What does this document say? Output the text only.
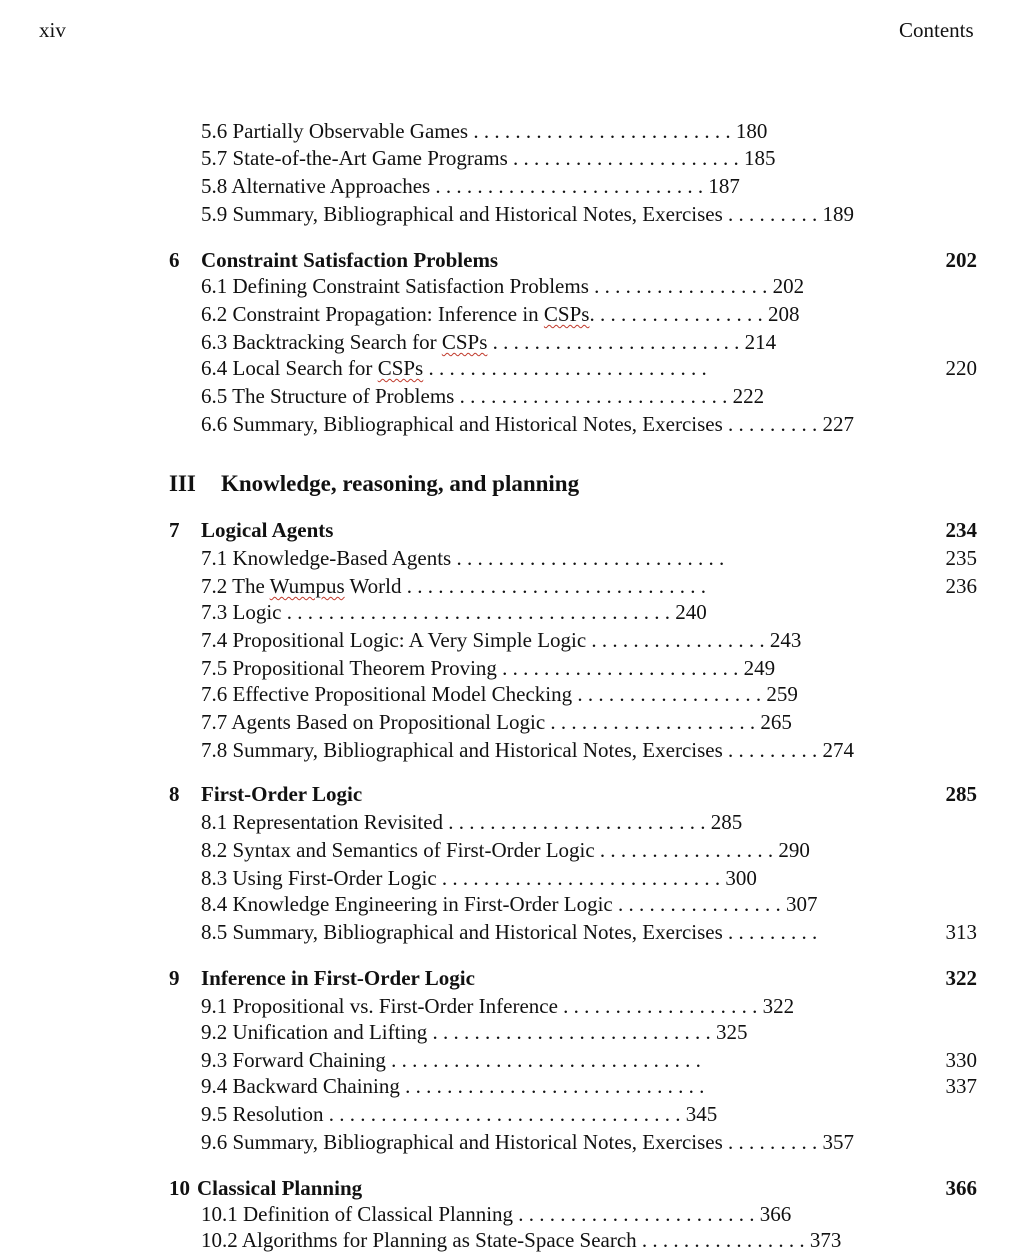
xiv	Contents
5.6 Partially Observable Games . . . . . . . . . . . . . . . . . . . . . . . . . 180
5.7 State-of-the-Art Game Programs . . . . . . . . . . . . . . . . . . . . . . 185
5.8 Alternative Approaches . . . . . . . . . . . . . . . . . . . . . . . . . . 187
5.9 Summary, Bibliographical and Historical Notes, Exercises . . . . . . . . . 189
6 Constraint Satisfaction Problems	202
6.1 Defining Constraint Satisfaction Problems . . . . . . . . . . . . . . . . . 202
6.2 Constraint Propagation: Inference in CSPs. . . . . . . . . . . . . . . . . 208
6.3 Backtracking Search for CSPs . . . . . . . . . . . . . . . . . . . . . . . . 214
6.4 Local Search for CSPs . . . . . . . . . . . . . . . . . . . . . . . . . . .	220
6.5 The Structure of Problems . . . . . . . . . . . . . . . . . . . . . . . . . . 222
6.6 Summary, Bibliographical and Historical Notes, Exercises . . . . . . . . . 227
III Knowledge, reasoning, and planning
7 Logical Agents	234
7.1 Knowledge-Based Agents . . . . . . . . . . . . . . . . . . . . . . . . . .	235
7.2 The Wumpus World . . . . . . . . . . . . . . . . . . . . . . . . . . . . .	236
7.3 Logic . . . . . . . . . . . . . . . . . . . . . . . . . . . . . . . . . . . . . 240
7.4 Propositional Logic: A Very Simple Logic . . . . . . . . . . . . . . . . . 243
7.5 Propositional Theorem Proving . . . . . . . . . . . . . . . . . . . . . . . 249
7.6 Effective Propositional Model Checking . . . . . . . . . . . . . . . . . . 259
7.7 Agents Based on Propositional Logic . . . . . . . . . . . . . . . . . . . . 265
7.8 Summary, Bibliographical and Historical Notes, Exercises . . . . . . . . . 274
8 First-Order Logic	285
8.1 Representation Revisited . . . . . . . . . . . . . . . . . . . . . . . . . 285
8.2 Syntax and Semantics of First-Order Logic . . . . . . . . . . . . . . . . . 290
8.3 Using First-Order Logic . . . . . . . . . . . . . . . . . . . . . . . . . . . 300
8.4 Knowledge Engineering in First-Order Logic . . . . . . . . . . . . . . . . 307
8.5 Summary, Bibliographical and Historical Notes, Exercises . . . . . . . . .	313
9 Inference in First-Order Logic	322
9.1 Propositional vs. First-Order Inference . . . . . . . . . . . . . . . . . . . 322
9.2 Unification and Lifting . . . . . . . . . . . . . . . . . . . . . . . . . . . 325
9.3 Forward Chaining . . . . . . . . . . . . . . . . . . . . . . . . . . . . . .	330
9.4 Backward Chaining . . . . . . . . . . . . . . . . . . . . . . . . . . . . .	337
9.5 Resolution . . . . . . . . . . . . . . . . . . . . . . . . . . . . . . . . . . 345
9.6 Summary, Bibliographical and Historical Notes, Exercises . . . . . . . . . 357
10 Classical Planning	366
10.1 Definition of Classical Planning . . . . . . . . . . . . . . . . . . . . . . . 366
10.2 Algorithms for Planning as State-Space Search . . . . . . . . . . . . . . . . 373
